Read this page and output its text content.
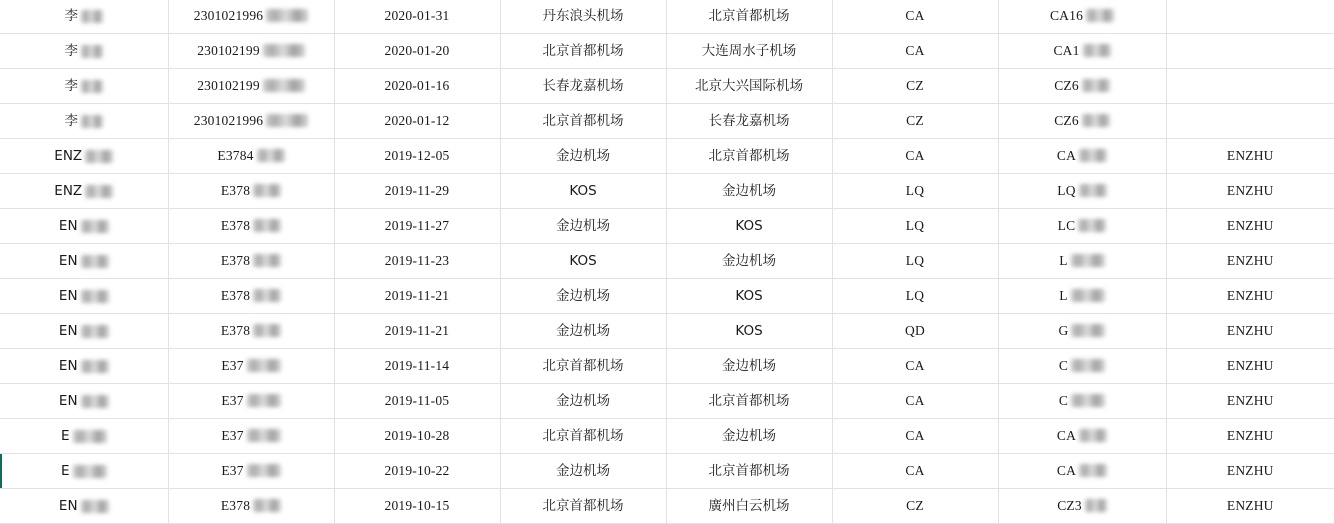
李	2301021996	2020-01-31	丹东浪头机场	北京首都机场	CA	CA16	

李	230102199	2020-01-20	北京首都机场	大连周水子机场	CA	CA1	

李	230102199	2020-01-16	长春龙嘉机场	北京大兴国际机场	CZ	CZ6	

李	2301021996	2020-01-12	北京首都机场	长春龙嘉机场	CZ	CZ6	

ENZ	E3784	2019-12-05	金边机场	北京首都机场	CA	CA	ENZHU

ENZ	E378	2019-11-29	KOS	金边机场	LQ	LQ	ENZHU

EN	E378	2019-11-27	金边机场	KOS	LQ	LC	ENZHU

EN	E378	2019-11-23	KOS	金边机场	LQ	L	ENZHU

EN	E378	2019-11-21	金边机场	KOS	LQ	L	ENZHU

EN	E378	2019-11-21	金边机场	KOS	QD	G	ENZHU

EN	E37	2019-11-14	北京首都机场	金边机场	CA	C	ENZHU

EN	E37	2019-11-05	金边机场	北京首都机场	CA	C	ENZHU

E	E37	2019-10-28	北京首都机场	金边机场	CA	CA	ENZHU

E	E37	2019-10-22	金边机场	北京首都机场	CA	CA	ENZHU

EN	E378	2019-10-15	北京首都机场	廣州白云机场	CZ	CZ3	ENZHU
